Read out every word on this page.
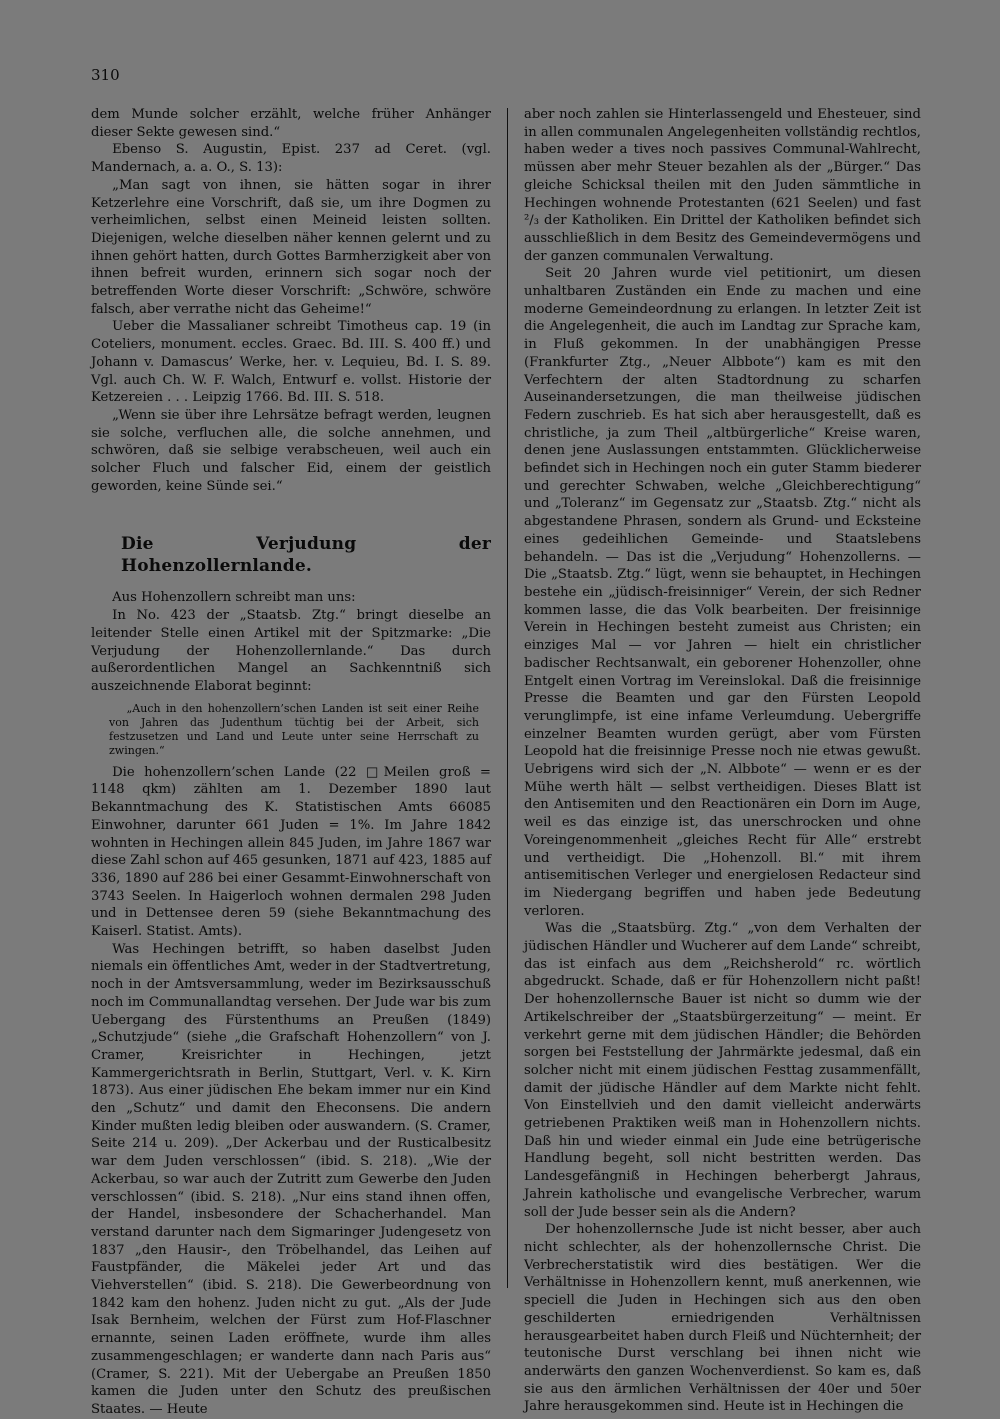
310

dem Munde solcher erzählt, welche früher Anhänger dieser Sekte gewesen sind.“

Ebenso S. Augustin, Epist. 237 ad Ceret. (vgl. Mandernach, a. a. O., S. 13):

„Man sagt von ihnen, sie hätten sogar in ihrer Ketzerlehre eine Vorschrift, daß sie, um ihre Dogmen zu verheimlichen, selbst einen Meineid leisten sollten. Diejenigen, welche dieselben näher kennen gelernt und zu ihnen gehört hatten, durch Gottes Barmherzigkeit aber von ihnen befreit wurden, erinnern sich sogar noch der betreffenden Worte dieser Vorschrift: „Schwöre, schwöre falsch, aber verrathe nicht das Geheime!“

Ueber die Massalianer schreibt Timotheus cap. 19 (in Coteliers, monument. eccles. Graec. Bd. III. S. 400 ff.) und Johann v. Damascus’ Werke, her. v. Lequieu, Bd. I. S. 89. Vgl. auch Ch. W. F. Walch, Entwurf e. vollst. Historie der Ketzereien . . . Leipzig 1766. Bd. III. S. 518.

„Wenn sie über ihre Lehrsätze befragt werden, leugnen sie solche, verfluchen alle, die solche annehmen, und schwören, daß sie selbige verabscheuen, weil auch ein solcher Fluch und falscher Eid, einem der geistlich geworden, keine Sünde sei.“

Die Verjudung der Hohenzollernlande.

Aus Hohenzollern schreibt man uns:

In No. 423 der „Staatsb. Ztg.“ bringt dieselbe an leitender Stelle einen Artikel mit der Spitzmarke: „Die Verjudung der Hohenzollernlande.“ Das durch außerordentlichen Mangel an Sachkenntniß sich auszeichnende Elaborat beginnt:

„Auch in den hohenzollern’schen Landen ist seit einer Reihe von Jahren das Judenthum tüchtig bei der Arbeit, sich festzusetzen und Land und Leute unter seine Herrschaft zu zwingen.“

Die hohenzollern’schen Lande (22 □Meilen groß = 1148 qkm) zählten am 1. Dezember 1890 laut Bekanntmachung des K. Statistischen Amts 66085 Einwohner, darunter 661 Juden = 1%. Im Jahre 1842 wohnten in Hechingen allein 845 Juden, im Jahre 1867 war diese Zahl schon auf 465 gesunken, 1871 auf 423, 1885 auf 336, 1890 auf 286 bei einer Gesammt-Einwohnerschaft von 3743 Seelen. In Haigerloch wohnen dermalen 298 Juden und in Dettensee deren 59 (siehe Bekanntmachung des Kaiserl. Statist. Amts).

Was Hechingen betrifft, so haben daselbst Juden niemals ein öffentliches Amt, weder in der Stadtvertretung, noch in der Amtsversammlung, weder im Bezirksausschuß noch im Communallandtag versehen. Der Jude war bis zum Uebergang des Fürstenthums an Preußen (1849) „Schutzjude“ (siehe „die Grafschaft Hohenzollern“ von J. Cramer, Kreisrichter in Hechingen, jetzt Kammergerichtsrath in Berlin, Stuttgart, Verl. v. K. Kirn 1873). Aus einer jüdischen Ehe bekam immer nur ein Kind den „Schutz“ und damit den Eheconsens. Die andern Kinder mußten ledig bleiben oder auswandern. (S. Cramer, Seite 214 u. 209). „Der Ackerbau und der Rusticalbesitz war dem Juden verschlossen“ (ibid. S. 218). „Wie der Ackerbau, so war auch der Zutritt zum Gewerbe den Juden verschlossen“ (ibid. S. 218). „Nur eins stand ihnen offen, der Handel, insbesondere der Schacherhandel. Man verstand darunter nach dem Sigmaringer Judengesetz von 1837 „den Hausir-, den Tröbelhandel, das Leihen auf Faustpfänder, die Mäkelei jeder Art und das Viehverstellen“ (ibid. S. 218). Die Gewerbeordnung von 1842 kam den hohenz. Juden nicht zu gut. „Als der Jude Isak Bernheim, welchen der Fürst zum Hof-Flaschner ernannte, seinen Laden eröffnete, wurde ihm alles zusammengeschlagen; er wanderte dann nach Paris aus“ (Cramer, S. 221). Mit der Uebergabe an Preußen 1850 kamen die Juden unter den Schutz des preußischen Staates. — Heute

aber noch zahlen sie Hinterlassengeld und Ehesteuer, sind in allen communalen Angelegenheiten vollständig rechtlos, haben weder a tives noch passives Communal-Wahlrecht, müssen aber mehr Steuer bezahlen als der „Bürger.“ Das gleiche Schicksal theilen mit den Juden sämmtliche in Hechingen wohnende Protestanten (621 Seelen) und fast ²/₃ der Katholiken. Ein Drittel der Katholiken befindet sich ausschließlich in dem Besitz des Gemeindevermögens und der ganzen communalen Verwaltung.

Seit 20 Jahren wurde viel petitionirt, um diesen unhaltbaren Zuständen ein Ende zu machen und eine moderne Gemeindeordnung zu erlangen. In letzter Zeit ist die Angelegenheit, die auch im Landtag zur Sprache kam, in Fluß gekommen. In der unabhängigen Presse (Frankfurter Ztg., „Neuer Albbote“) kam es mit den Verfechtern der alten Stadtordnung zu scharfen Auseinandersetzungen, die man theilweise jüdischen Federn zuschrieb. Es hat sich aber herausgestellt, daß es christliche, ja zum Theil „altbürgerliche“ Kreise waren, denen jene Auslassungen entstammten. Glücklicherweise befindet sich in Hechingen noch ein guter Stamm biederer und gerechter Schwaben, welche „Gleichberechtigung“ und „Toleranz“ im Gegensatz zur „Staatsb. Ztg.“ nicht als abgestandene Phrasen, sondern als Grund- und Ecksteine eines gedeihlichen Gemeinde- und Staatslebens behandeln. — Das ist die „Verjudung“ Hohenzollerns. — Die „Staatsb. Ztg.“ lügt, wenn sie behauptet, in Hechingen bestehe ein „jüdisch-freisinniger“ Verein, der sich Redner kommen lasse, die das Volk bearbeiten. Der freisinnige Verein in Hechingen besteht zumeist aus Christen; ein einziges Mal — vor Jahren — hielt ein christlicher badischer Rechtsanwalt, ein geborener Hohenzoller, ohne Entgelt einen Vortrag im Vereinslokal. Daß die freisinnige Presse die Beamten und gar den Fürsten Leopold verunglimpfe, ist eine infame Verleumdung. Uebergriffe einzelner Beamten wurden gerügt, aber vom Fürsten Leopold hat die freisinnige Presse noch nie etwas gewußt. Uebrigens wird sich der „N. Albbote“ — wenn er es der Mühe werth hält — selbst vertheidigen. Dieses Blatt ist den Antisemiten und den Reactionären ein Dorn im Auge, weil es das einzige ist, das unerschrocken und ohne Voreingenommenheit „gleiches Recht für Alle“ erstrebt und vertheidigt. Die „Hohenzoll. Bl.“ mit ihrem antisemitischen Verleger und energielosen Redacteur sind im Niedergang begriffen und haben jede Bedeutung verloren.

Was die „Staatsbürg. Ztg.“ „von dem Verhalten der jüdischen Händler und Wucherer auf dem Lande“ schreibt, das ist einfach aus dem „Reichsherold“ rc. wörtlich abgedruckt. Schade, daß er für Hohenzollern nicht paßt! Der hohenzollernsche Bauer ist nicht so dumm wie der Artikelschreiber der „Staatsbürgerzeitung“ — meint. Er verkehrt gerne mit dem jüdischen Händler; die Behörden sorgen bei Feststellung der Jahrmärkte jedesmal, daß ein solcher nicht mit einem jüdischen Festtag zusammenfällt, damit der jüdische Händler auf dem Markte nicht fehlt. Von Einstellvieh und den damit vielleicht anderwärts getriebenen Praktiken weiß man in Hohenzollern nichts. Daß hin und wieder einmal ein Jude eine betrügerische Handlung begeht, soll nicht bestritten werden. Das Landesgefängniß in Hechingen beherbergt Jahraus, Jahrein katholische und evangelische Verbrecher, warum soll der Jude besser sein als die Andern?

Der hohenzollernsche Jude ist nicht besser, aber auch nicht schlechter, als der hohenzollernsche Christ. Die Verbrecherstatistik wird dies bestätigen. Wer die Verhältnisse in Hohenzollern kennt, muß anerkennen, wie speciell die Juden in Hechingen sich aus den oben geschilderten erniedrigenden Verhältnissen herausgearbeitet haben durch Fleiß und Nüchternheit; der teutonische Durst verschlang bei ihnen nicht wie anderwärts den ganzen Wochenverdienst. So kam es, daß sie aus den ärmlichen Verhältnissen der 40er und 50er Jahre herausgekommen sind. Heute ist in Hechingen die
